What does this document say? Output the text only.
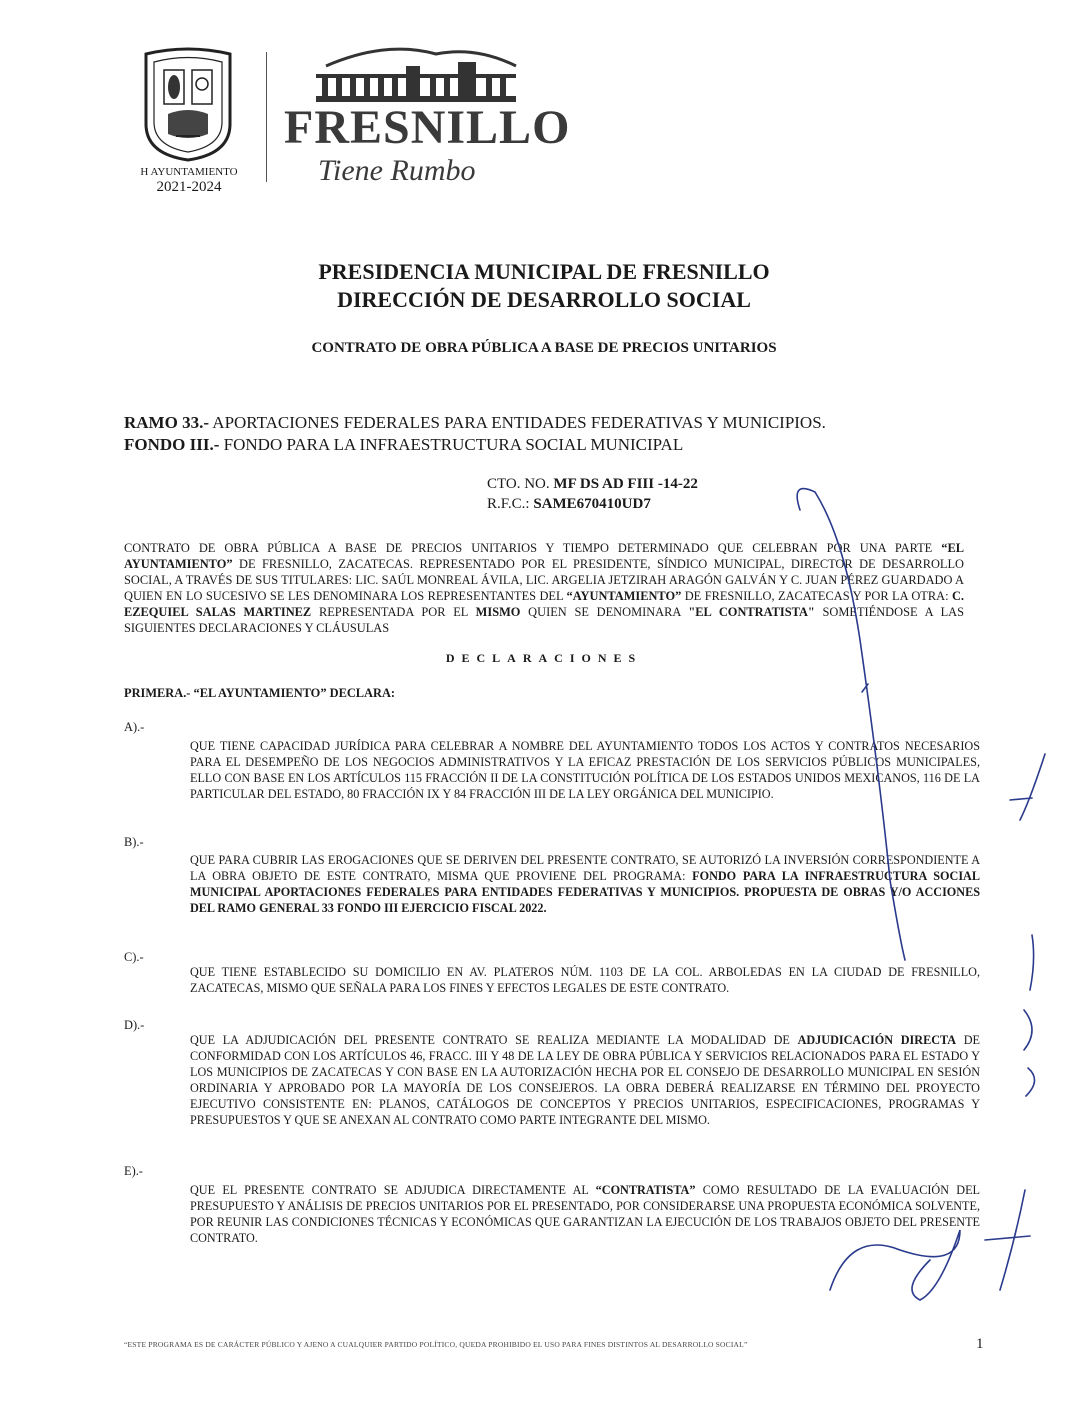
H AYUNTAMIENTO
2021-2024
FRESNILLO
Tiene Rumbo
PRESIDENCIA MUNICIPAL DE FRESNILLO
DIRECCIÓN DE DESARROLLO SOCIAL
CONTRATO DE OBRA PÚBLICA A BASE DE PRECIOS UNITARIOS
RAMO 33.- APORTACIONES FEDERALES PARA ENTIDADES FEDERATIVAS Y MUNICIPIOS.
FONDO III.- FONDO PARA LA INFRAESTRUCTURA SOCIAL MUNICIPAL
CTO. NO. MF DS AD FIII -14-22
R.F.C.: SAME670410UD7
CONTRATO DE OBRA PÚBLICA A BASE DE PRECIOS UNITARIOS Y TIEMPO DETERMINADO QUE CELEBRAN POR UNA PARTE “EL AYUNTAMIENTO” DE FRESNILLO, ZACATECAS. REPRESENTADO POR EL PRESIDENTE, SÍNDICO MUNICIPAL, DIRECTOR DE DESARROLLO SOCIAL, A TRAVÉS DE SUS TITULARES: LIC. SAÚL MONREAL ÁVILA, LIC. ARGELIA JETZIRAH ARAGÓN GALVÁN Y C. JUAN PÉREZ GUARDADO A QUIEN EN LO SUCESIVO SE LES DENOMINARA LOS REPRESENTANTES DEL “AYUNTAMIENTO” DE FRESNILLO, ZACATECAS Y POR LA OTRA: C. EZEQUIEL SALAS MARTINEZ REPRESENTADA POR EL MISMO QUIEN SE DENOMINARA "EL CONTRATISTA" SOMETIÉNDOSE A LAS SIGUIENTES DECLARACIONES Y CLÁUSULAS
DECLARACIONES
PRIMERA.- “EL AYUNTAMIENTO” DECLARA:
A).-
QUE TIENE CAPACIDAD JURÍDICA PARA CELEBRAR A NOMBRE DEL AYUNTAMIENTO TODOS LOS ACTOS Y CONTRATOS NECESARIOS PARA EL DESEMPEÑO DE LOS NEGOCIOS ADMINISTRATIVOS Y LA EFICAZ PRESTACIÓN DE LOS SERVICIOS PÚBLICOS MUNICIPALES, ELLO CON BASE EN LOS ARTÍCULOS 115 FRACCIÓN II DE LA CONSTITUCIÓN POLÍTICA DE LOS ESTADOS UNIDOS MEXICANOS, 116 DE LA PARTICULAR DEL ESTADO, 80 FRACCIÓN IX Y 84 FRACCIÓN III DE LA LEY ORGÁNICA DEL MUNICIPIO.
B).-
QUE PARA CUBRIR LAS EROGACIONES QUE SE DERIVEN DEL PRESENTE CONTRATO, SE AUTORIZÓ LA INVERSIÓN CORRESPONDIENTE A LA OBRA OBJETO DE ESTE CONTRATO, MISMA QUE PROVIENE DEL PROGRAMA: FONDO PARA LA INFRAESTRUCTURA SOCIAL MUNICIPAL APORTACIONES FEDERALES PARA ENTIDADES FEDERATIVAS Y MUNICIPIOS. PROPUESTA DE OBRAS Y/O ACCIONES DEL RAMO GENERAL 33 FONDO III EJERCICIO FISCAL 2022.
C).-
QUE TIENE ESTABLECIDO SU DOMICILIO EN AV. PLATEROS NÚM. 1103 DE LA COL. ARBOLEDAS EN LA CIUDAD DE FRESNILLO, ZACATECAS, MISMO QUE SEÑALA PARA LOS FINES Y EFECTOS LEGALES DE ESTE CONTRATO.
D).-
QUE LA ADJUDICACIÓN DEL PRESENTE CONTRATO SE REALIZA MEDIANTE LA MODALIDAD DE ADJUDICACIÓN DIRECTA DE CONFORMIDAD CON LOS ARTÍCULOS 46, FRACC. III Y 48 DE LA LEY DE OBRA PÚBLICA Y SERVICIOS RELACIONADOS PARA EL ESTADO Y LOS MUNICIPIOS DE ZACATECAS Y CON BASE EN LA AUTORIZACIÓN HECHA POR EL CONSEJO DE DESARROLLO MUNICIPAL EN SESIÓN ORDINARIA Y APROBADO POR LA MAYORÍA DE LOS CONSEJEROS. LA OBRA DEBERÁ REALIZARSE EN TÉRMINO DEL PROYECTO EJECUTIVO CONSISTENTE EN: PLANOS, CATÁLOGOS DE CONCEPTOS Y PRECIOS UNITARIOS, ESPECIFICACIONES, PROGRAMAS Y PRESUPUESTOS Y QUE SE ANEXAN AL CONTRATO COMO PARTE INTEGRANTE DEL MISMO.
E).-
QUE EL PRESENTE CONTRATO SE ADJUDICA DIRECTAMENTE AL “CONTRATISTA” COMO RESULTADO DE LA EVALUACIÓN DEL PRESUPUESTO Y ANÁLISIS DE PRECIOS UNITARIOS POR EL PRESENTADO, POR CONSIDERARSE UNA PROPUESTA ECONÓMICA SOLVENTE, POR REUNIR LAS CONDICIONES TÉCNICAS Y ECONÓMICAS QUE GARANTIZAN LA EJECUCIÓN DE LOS TRABAJOS OBJETO DEL PRESENTE CONTRATO.
“ESTE PROGRAMA ES DE CARÁCTER PÚBLICO Y AJENO A CUALQUIER PARTIDO POLÍTICO, QUEDA PROHIBIDO EL USO PARA FINES DISTINTOS AL DESARROLLO SOCIAL”	1
